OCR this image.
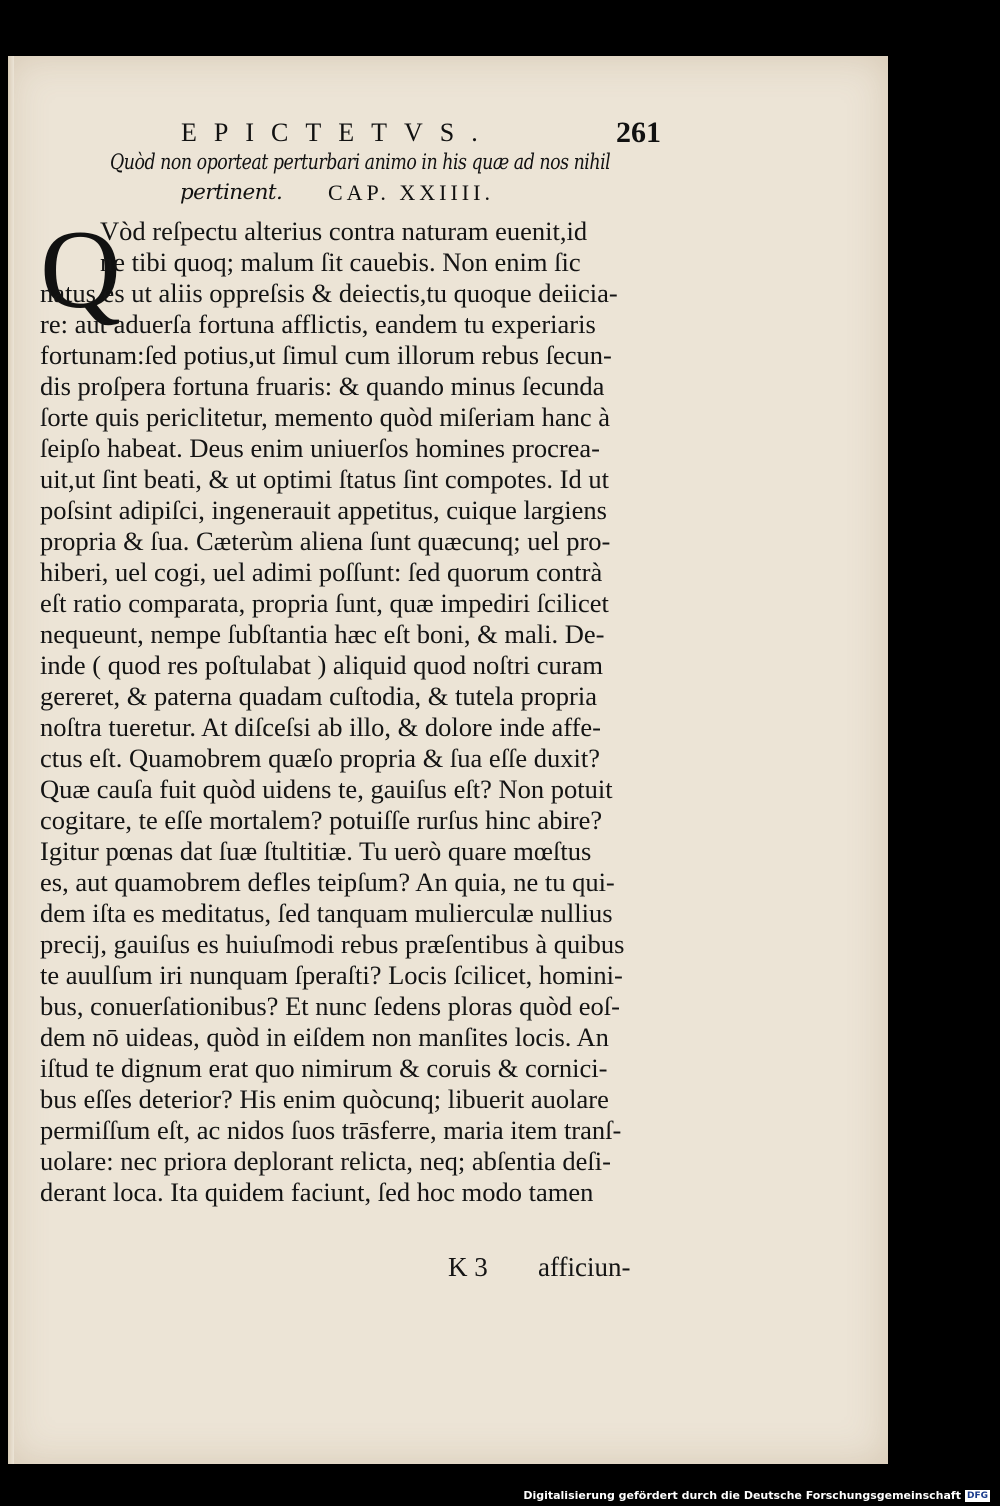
EPICTETVS.	261
Quòd non oporteat perturbari animo in his quæ ad nos nihil
pertinent. CAP. XXIIII.
Q
Vòd reſpectu alterius contra naturam euenit,id
ne tibi quoq; malum ſit cauebis. Non enim ſic
natus es ut aliis oppreſsis & deiectis,tu quoque deiicia-
re: aut aduerſa fortuna afflictis, eandem tu experiaris
fortunam:ſed potius,ut ſimul cum illorum rebus ſecun-
dis proſpera fortuna fruaris: & quando minus ſecunda
ſorte quis periclitetur, memento quòd miſeriam hanc à
ſeipſo habeat. Deus enim uniuerſos homines procrea-
uit,ut ſint beati, & ut optimi ſtatus ſint compotes. Id ut
poſsint adipiſci, ingenerauit appetitus, cuique largiens
propria & ſua. Cæterùm aliena ſunt quæcunq; uel pro-
hiberi, uel cogi, uel adimi poſſunt: ſed quorum contrà
eſt ratio comparata, propria ſunt, quæ impediri ſcilicet
nequeunt, nempe ſubſtantia hæc eſt boni, & mali. De-
inde ( quod res poſtulabat ) aliquid quod noſtri curam
gereret, & paterna quadam cuſtodia, & tutela propria
noſtra tueretur. At diſceſsi ab illo, & dolore inde affe-
ctus eſt. Quamobrem quæſo propria & ſua eſſe duxit?
Quæ cauſa fuit quòd uidens te, gauiſus eſt? Non potuit
cogitare, te eſſe mortalem? potuiſſe rurſus hinc abire?
Igitur pœnas dat ſuæ ſtultitiæ. Tu uerò quare mœſtus
es, aut quamobrem defles teipſum? An quia, ne tu qui-
dem iſta es meditatus, ſed tanquam mulierculæ nullius
precij, gauiſus es huiuſmodi rebus præſentibus à quibus
te auulſum iri nunquam ſperaſti? Locis ſcilicet, homini-
bus, conuerſationibus? Et nunc ſedens ploras quòd eoſ-
dem nō uideas, quòd in eiſdem non manſites locis. An
iſtud te dignum erat quo nimirum & coruis & cornici-
bus eſſes deterior? His enim quòcunq; libuerit auolare
permiſſum eſt, ac nidos ſuos trāsferre, maria item tranſ-
uolare: nec priora deplorant relicta, neq; abſentia deſi-
derant loca. Ita quidem faciunt, ſed hoc modo tamen
K 3 afficiun-
Digitalisierung gefördert durch die Deutsche Forschungsgemeinschaft DFG
